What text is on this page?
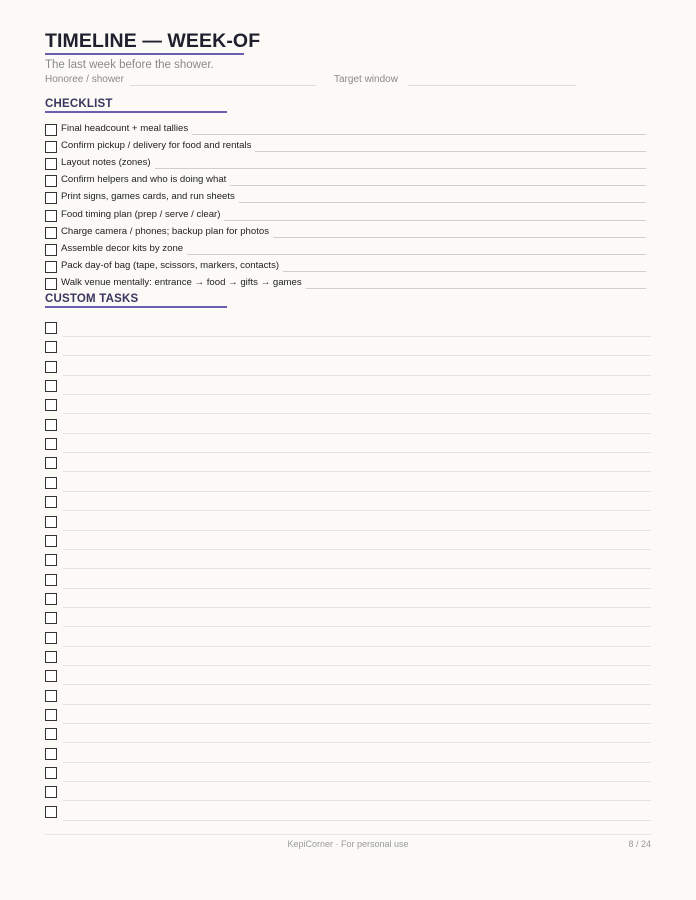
TIMELINE — WEEK-OF
The last week before the shower.
Honoree / shower	Target window
CHECKLIST
Final headcount + meal tallies
Confirm pickup / delivery for food and rentals
Layout notes (zones)
Confirm helpers and who is doing what
Print signs, games cards, and run sheets
Food timing plan (prep / serve / clear)
Charge camera / phones; backup plan for photos
Assemble decor kits by zone
Pack day-of bag (tape, scissors, markers, contacts)
Walk venue mentally: entrance → food → gifts → games
CUSTOM TASKS
KepiCorner · For personal use	8 / 24
